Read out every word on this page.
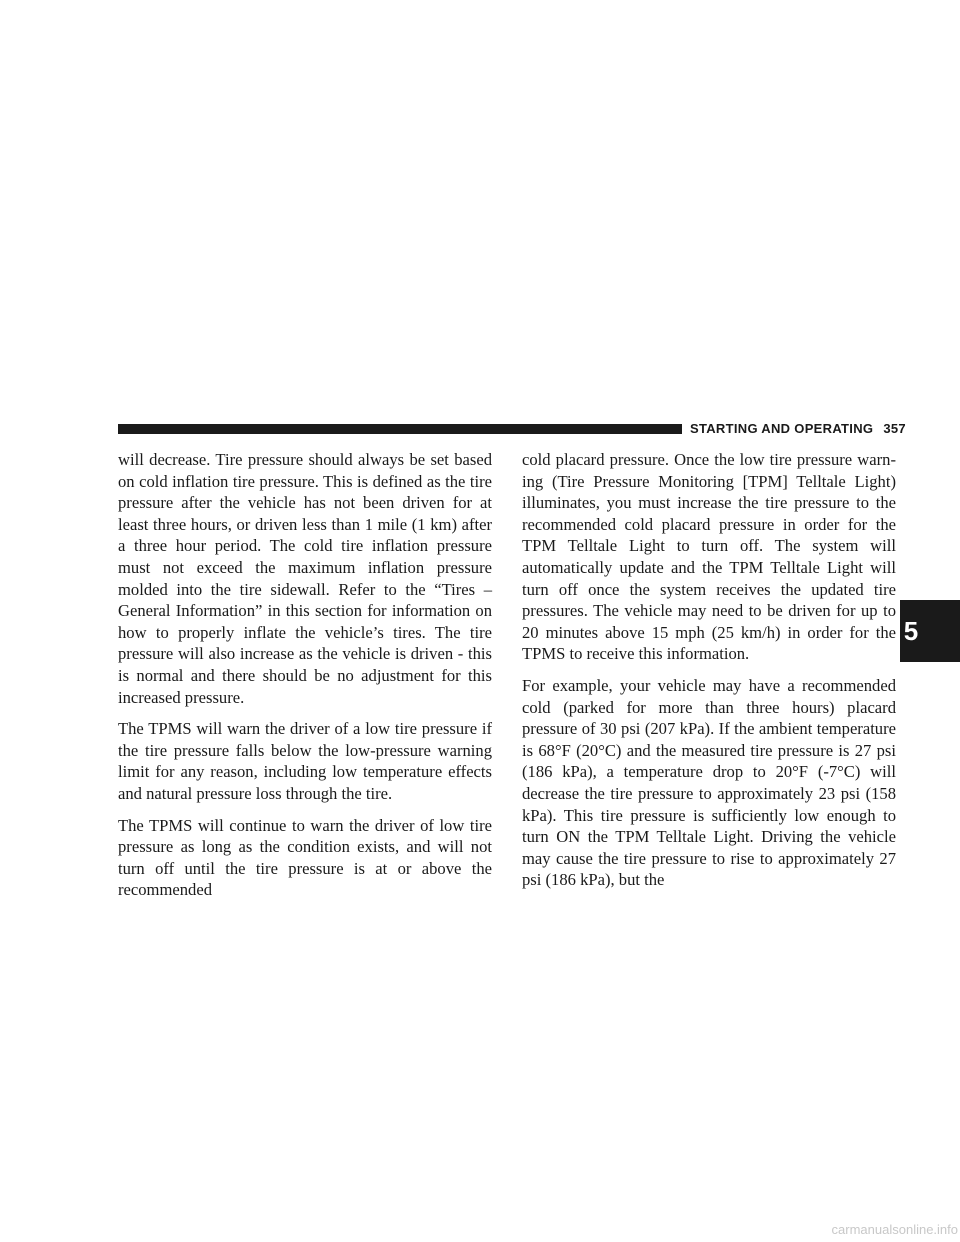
STARTING AND OPERATING 357

will decrease. Tire pressure should always be set based on cold inflation tire pressure. This is defined as the tire pressure after the vehicle has not been driven for at least three hours, or driven less than 1 mile (1 km) after a three hour period. The cold tire inflation pressure must not exceed the maximum inflation pressure molded into the tire sidewall. Refer to the “Tires – General Information” in this section for information on how to properly inflate the vehicle’s tires. The tire pressure will also increase as the vehicle is driven - this is normal and there should be no adjustment for this increased pressure.

The TPMS will warn the driver of a low tire pressure if the tire pressure falls below the low-pressure warning limit for any reason, including low temperature effects and natural pressure loss through the tire.

The TPMS will continue to warn the driver of low tire pressure as long as the condition exists, and will not turn off until the tire pressure is at or above the recommended

cold placard pressure. Once the low tire pressure warning (Tire Pressure Monitoring [TPM] Telltale Light) illuminates, you must increase the tire pressure to the recommended cold placard pressure in order for the TPM Telltale Light to turn off. The system will automatically update and the TPM Telltale Light will turn off once the system receives the updated tire pressures. The vehicle may need to be driven for up to 20 minutes above 15 mph (25 km/h) in order for the TPMS to receive this information.

For example, your vehicle may have a recommended cold (parked for more than three hours) placard pressure of 30 psi (207 kPa). If the ambient temperature is 68°F (20°C) and the measured tire pressure is 27 psi (186 kPa), a temperature drop to 20°F (-7°C) will decrease the tire pressure to approximately 23 psi (158 kPa). This tire pressure is sufficiently low enough to turn ON the TPM Telltale Light. Driving the vehicle may cause the tire pressure to rise to approximately 27 psi (186 kPa), but the

5
carmanualsonline.info
